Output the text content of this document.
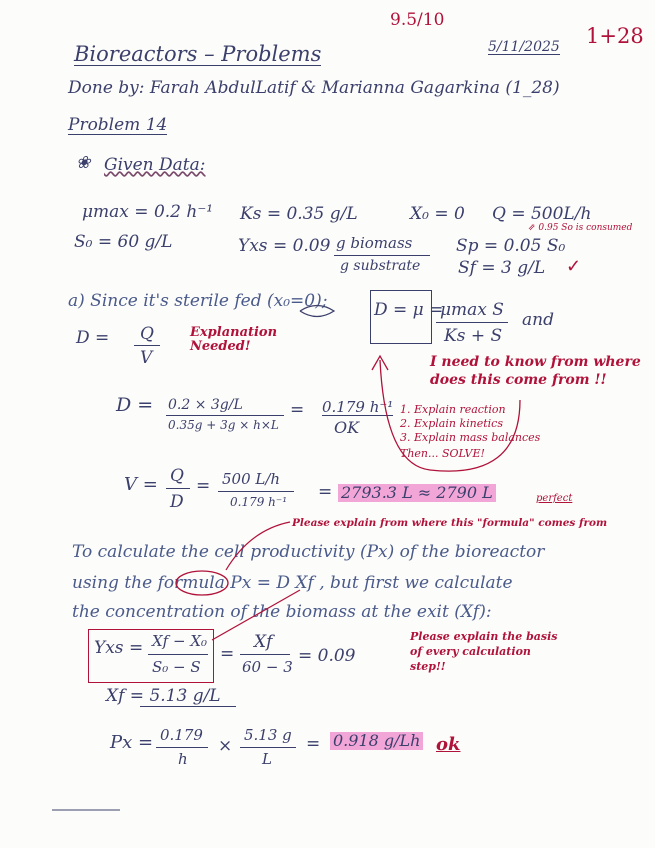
9.5/10
1+28
5/11/2025
Bioreactors – Problems
Done by: Farah AbdulLatif & Marianna Gagarkina (1_28)
Problem 14
❀ Given Data:
μmax = 0.2 h⁻¹ Ks = 0.35 g/L	X₀ = 0 Q = 500L/h
S₀ = 60 g/L	Yxs = 0.09 g biomass
g substrate
Sp = 0.05 S₀
⇗ 0.95 So is consumed
Sf = 3 g/L ✓
a) Since it's sterile fed (x₀=0);	D = μ =
μmax S
Ks + S
and
D = Q
V
Explanation Needed!
I need to know from where does this come from !!
1. Explain reaction
2. Explain kinetics
3. Explain mass balances
Then... SOLVE!
D = 0.2 × 3g/L
0.35g + 3g × h×L
= 0.179 h⁻¹
OK
V = Q
D
= 500 L/h
0.179 h⁻¹ = 2793.3 L ≈ 2790 L	perfect
Please explain from where this "formula" comes from
To calculate the cell productivity (Px) of the bioreactor
using the formula Px = D Xf , but first we calculate
the concentration of the biomass at the exit (Xf):
Yxs = Xf − X₀
S₀ − S
=
Xf
60 − 3
= 0.09
Please explain the basis of every calculation step!!
Xf = 5.13 g/L
Px = 0.179
h
×
5.13 g
L
= 0.918 g/Lh ok
